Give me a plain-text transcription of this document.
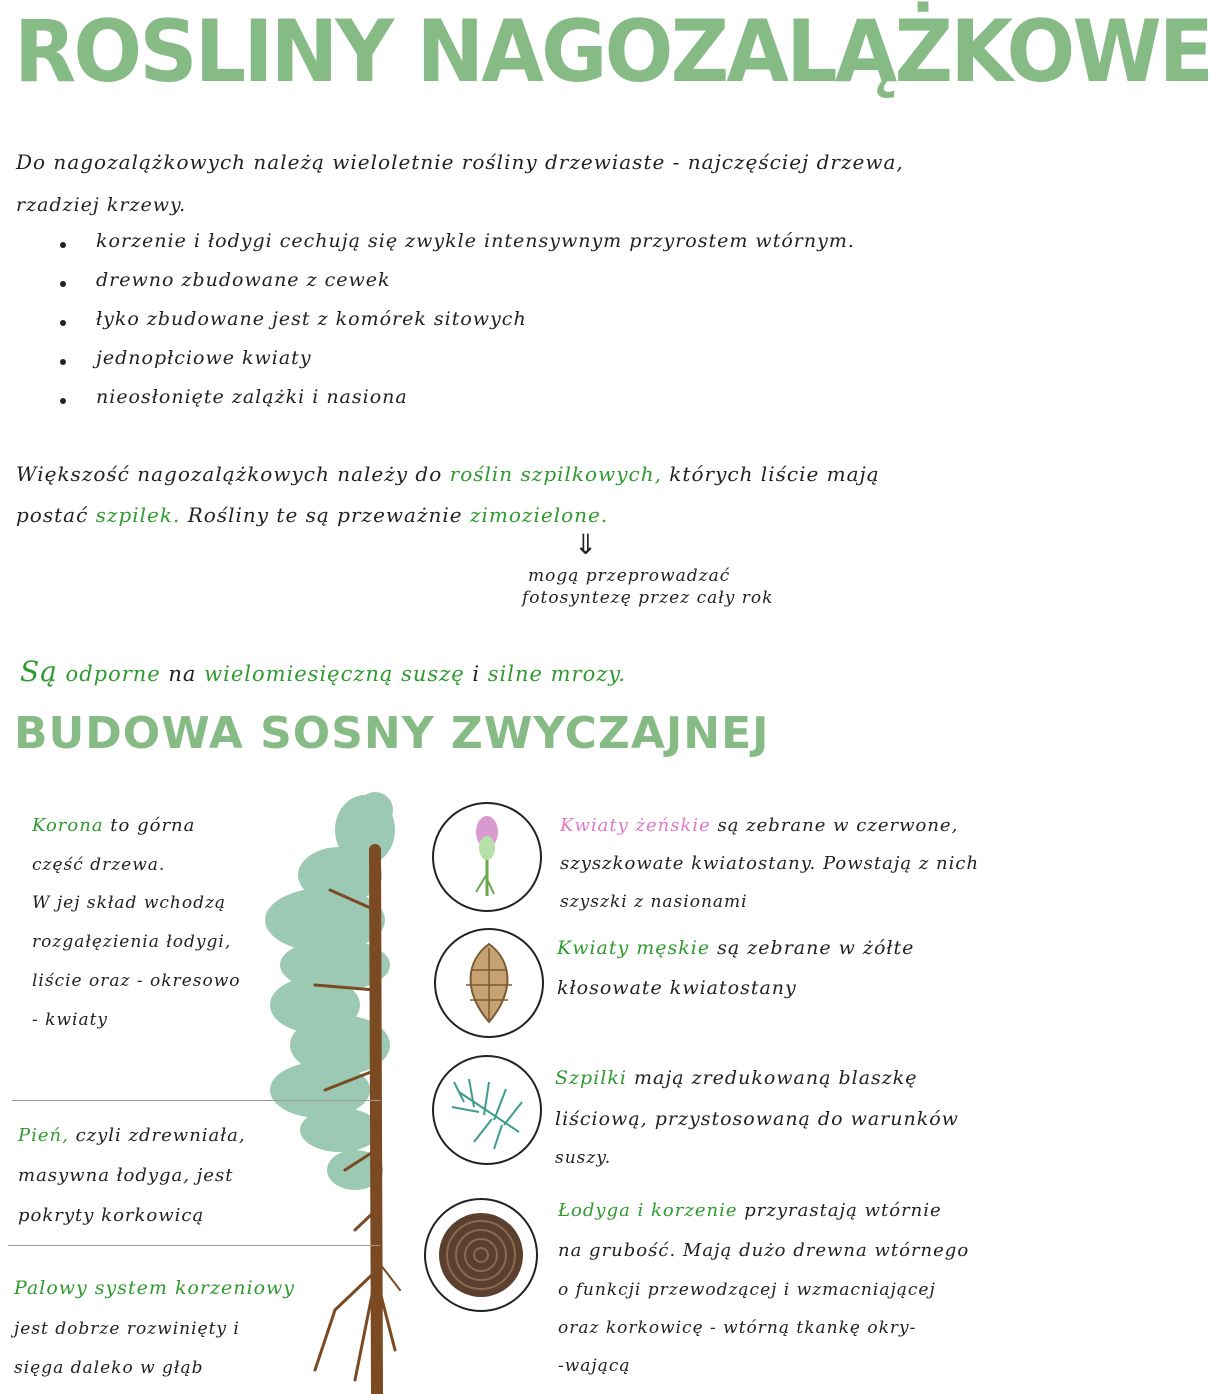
ROSLINY NAGOZALĄŻKOWE
Do nagozalążkowych należą wieloletnie rośliny drzewiaste - najczęściej drzewa,
rzadziej krzewy.
korzenie i łodygi cechują się zwykle intensywnym przyrostem wtórnym.
drewno zbudowane z cewek
łyko zbudowane jest z komórek sitowych
jednopłciowe kwiaty
nieosłonięte zalążki i nasiona
Większość nagozalążkowych należy do roślin szpilkowych, których liście mają
postać szpilek. Rośliny te są przeważnie zimozielone.
⇓
mogą przeprowadzać
fotosyntezę przez cały rok
Są odporne na wielomiesięczną suszę i silne mrozy.
BUDOWA SOSNY ZWYCZAJNEJ
Korona to górna
część drzewa.
W jej skład wchodzą
rozgałęzienia łodygi,
liście oraz - okresowo
- kwiaty
Pień, czyli zdrewniała,
masywna łodyga, jest
pokryty korkowicą
Palowy system korzeniowy
jest dobrze rozwinięty i
sięga daleko w głąb
Kwiaty żeńskie są zebrane w czerwone,
szyszkowate kwiatostany. Powstają z nich
szyszki z nasionami
Kwiaty męskie są zebrane w żółte
kłosowate kwiatostany
Szpilki mają zredukowaną blaszkę
liściową, przystosowaną do warunków
suszy.
Łodyga i korzenie przyrastają wtórnie
na grubość. Mają dużo drewna wtórnego
o funkcji przewodzącej i wzmacniającej
oraz korkowicę - wtórną tkankę okry-
-wającą
